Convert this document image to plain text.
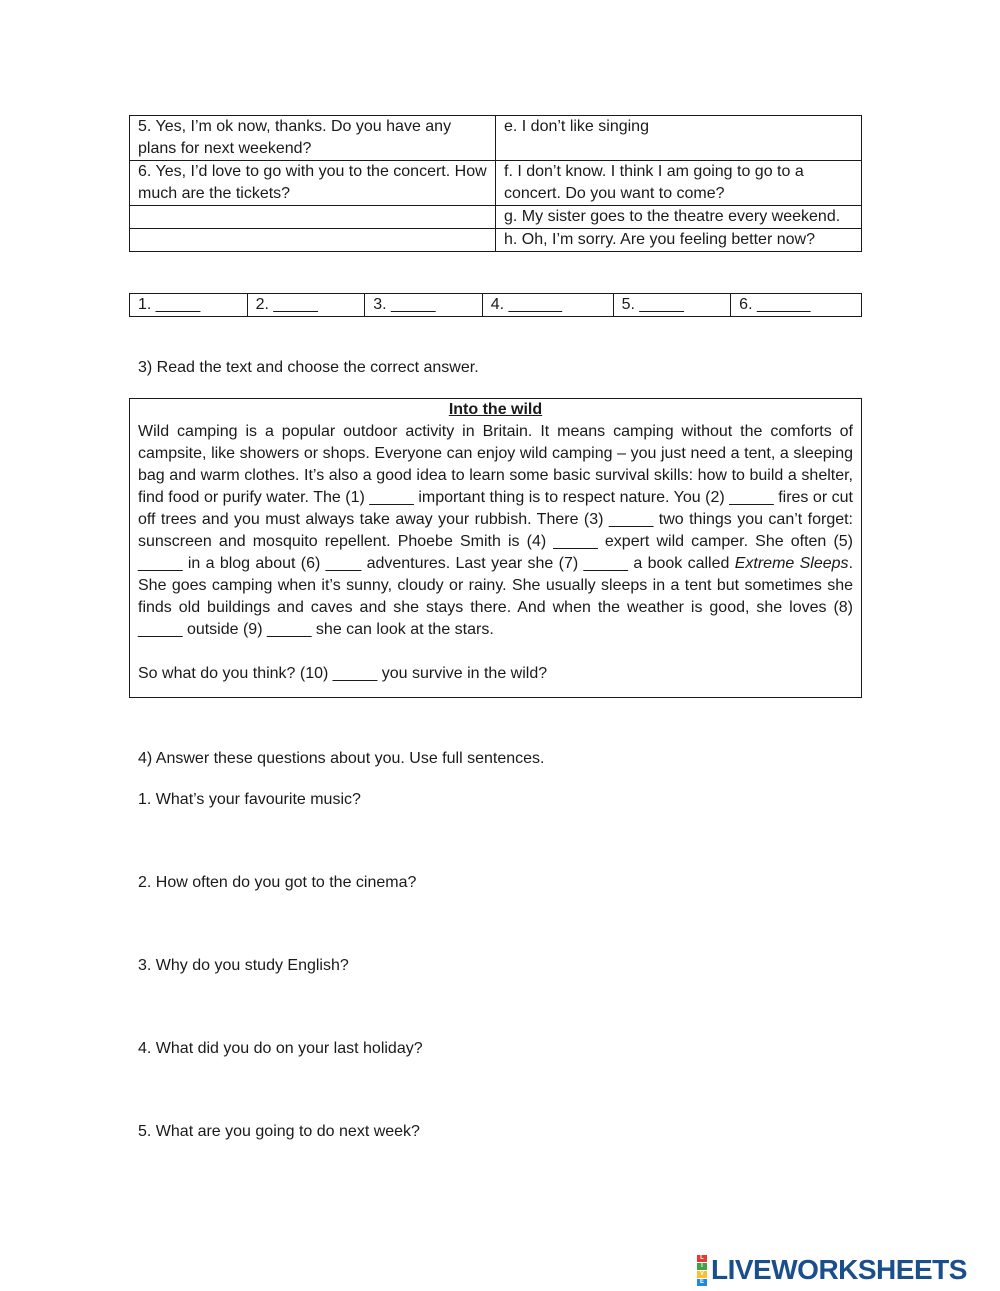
5. Yes, I’m ok now, thanks. Do you have any plans for next weekend?	e. I don’t like singing
6. Yes, I’d love to go with you to the concert. How much are the tickets?	f. I don’t know. I think I am going to go to a concert. Do you want to come?
	g. My sister goes to the theatre every weekend.
	h. Oh, I’m sorry. Are you feeling better now?
1. _____	2. _____	3. _____	4. ______	5. _____	6. ______
3) Read the text and choose the correct answer.
Into the wild
Wild camping is a popular outdoor activity in Britain. It means camping without the comforts of campsite, like showers or shops. Everyone can enjoy wild camping – you just need a tent, a sleeping bag and warm clothes. It’s also a good idea to learn some basic survival skills: how to build a shelter, find food or purify water. The (1) _____ important thing is to respect nature. You (2) _____ fires or cut off trees and you must always take away your rubbish. There (3) _____ two things you can’t forget: sunscreen and mosquito repellent. Phoebe Smith is (4) _____ expert wild camper. She often (5) _____ in a blog about (6) ____ adventures. Last year she (7) _____ a book called Extreme Sleeps. She goes camping when it’s sunny, cloudy or rainy. She usually sleeps in a tent but sometimes she finds old buildings and caves and she stays there. And when the weather is good, she loves (8) _____ outside (9) _____ she can look at the stars.
So what do you think? (10) _____ you survive in the wild?
4) Answer these questions about you. Use full sentences.
1. What’s your favourite music?
2. How often do you got to the cinema?
3. Why do you study English?
4. What did you do on your last holiday?
5. What are you going to do next week?
L
I
V
E LIVEWORKSHEETS
